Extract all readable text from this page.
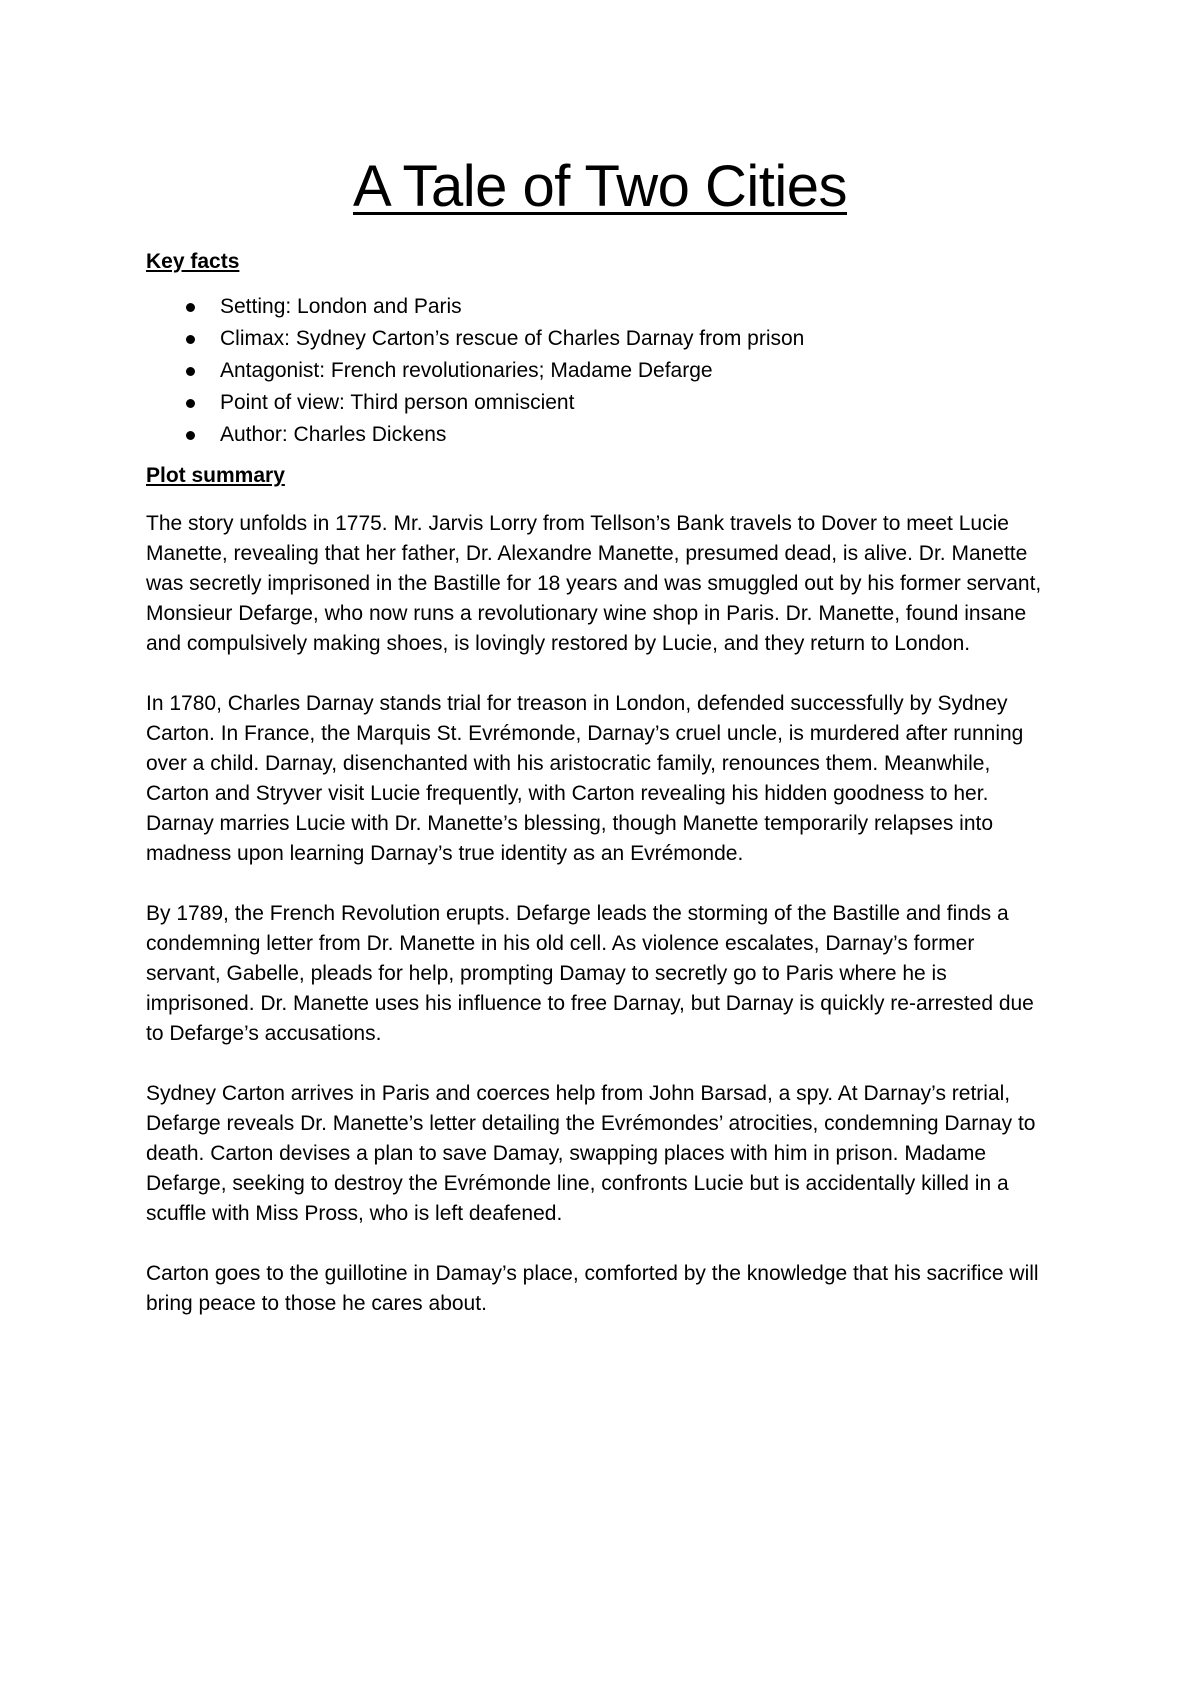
A Tale of Two Cities
Key facts
Setting: London and Paris
Climax: Sydney Carton’s rescue of Charles Darnay from prison
Antagonist: French revolutionaries; Madame Defarge
Point of view: Third person omniscient
Author: Charles Dickens
Plot summary

The story unfolds in 1775. Mr. Jarvis Lorry from Tellson’s Bank travels to Dover to meet Lucie Manette, revealing that her father, Dr. Alexandre Manette, presumed dead, is alive. Dr. Manette was secretly imprisoned in the Bastille for 18 years and was smuggled out by his former servant, Monsieur Defarge, who now runs a revolutionary wine shop in Paris. Dr. Manette, found insane and compulsively making shoes, is lovingly restored by Lucie, and they return to London.

In 1780, Charles Darnay stands trial for treason in London, defended successfully by Sydney Carton. In France, the Marquis St. Evrémonde, Darnay’s cruel uncle, is murdered after running over a child. Darnay, disenchanted with his aristocratic family, renounces them. Meanwhile, Carton and Stryver visit Lucie frequently, with Carton revealing his hidden goodness to her. Darnay marries Lucie with Dr. Manette’s blessing, though Manette temporarily relapses into madness upon learning Darnay’s true identity as an Evrémonde.

By 1789, the French Revolution erupts. Defarge leads the storming of the Bastille and finds a condemning letter from Dr. Manette in his old cell. As violence escalates, Darnay’s former servant, Gabelle, pleads for help, prompting Damay to secretly go to Paris where he is imprisoned. Dr. Manette uses his influence to free Darnay, but Darnay is quickly re-arrested due to Defarge’s accusations.

Sydney Carton arrives in Paris and coerces help from John Barsad, a spy. At Darnay’s retrial, Defarge reveals Dr. Manette’s letter detailing the Evrémondes’ atrocities, condemning Darnay to death. Carton devises a plan to save Damay, swapping places with him in prison. Madame Defarge, seeking to destroy the Evrémonde line, confronts Lucie but is accidentally killed in a scuffle with Miss Pross, who is left deafened.

Carton goes to the guillotine in Damay’s place, comforted by the knowledge that his sacrifice will bring peace to those he cares about.
